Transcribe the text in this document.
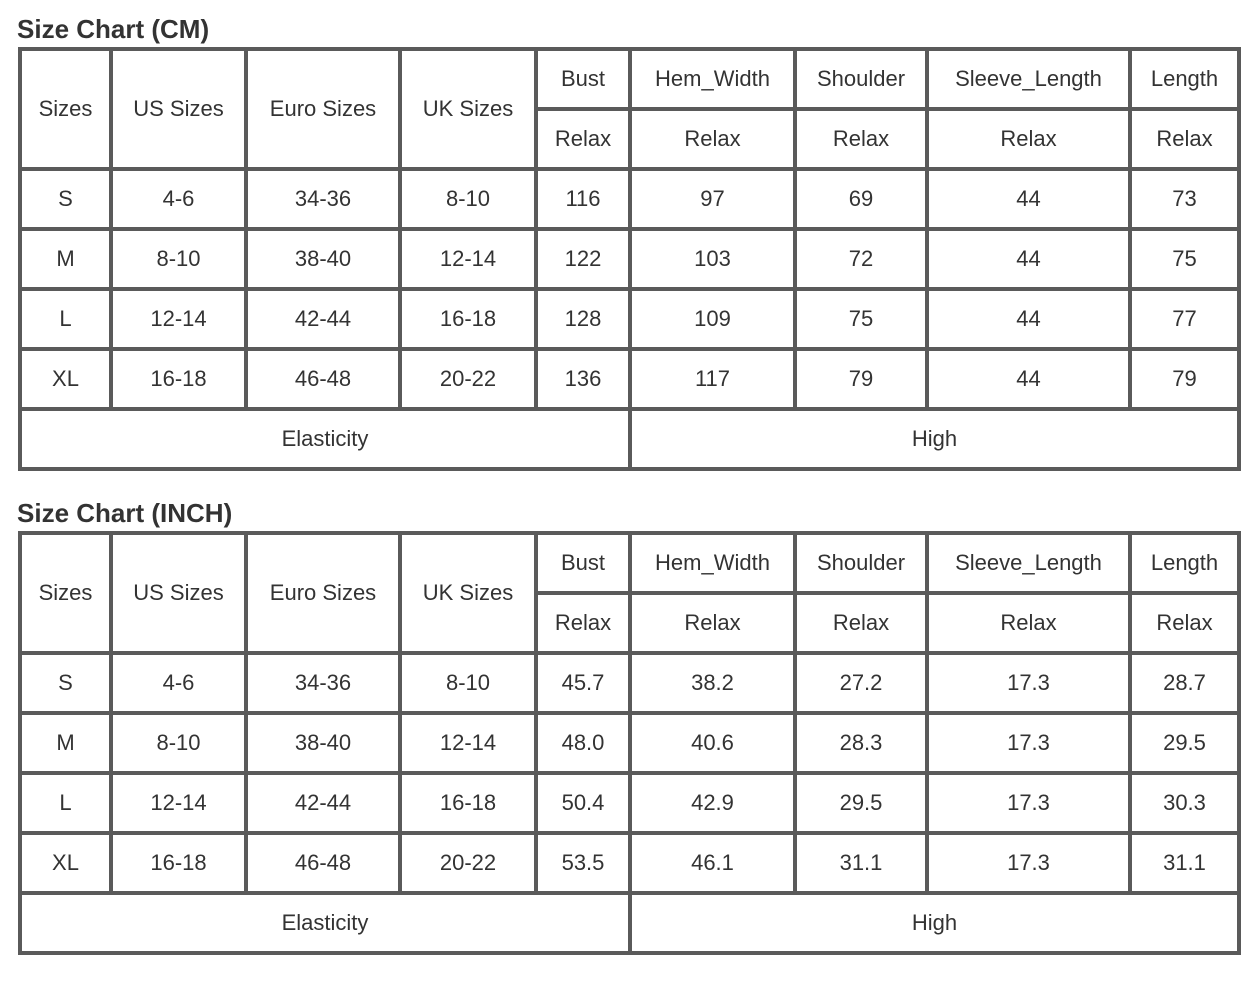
Size Chart (CM)
Sizes	US Sizes	Euro Sizes	UK Sizes	Bust	Hem_Width	Shoulder	Sleeve_Length	Length
				Relax	Relax	Relax	Relax	Relax
S	4-6	34-36	8-10	116	97	69	44	73
M	8-10	38-40	12-14	122	103	72	44	75
L	12-14	42-44	16-18	128	109	75	44	77
XL	16-18	46-48	20-22	136	117	79	44	79
Elasticity					High			
Size Chart (INCH)
Sizes	US Sizes	Euro Sizes	UK Sizes	Bust	Hem_Width	Shoulder	Sleeve_Length	Length
				Relax	Relax	Relax	Relax	Relax
S	4-6	34-36	8-10	45.7	38.2	27.2	17.3	28.7
M	8-10	38-40	12-14	48.0	40.6	28.3	17.3	29.5
L	12-14	42-44	16-18	50.4	42.9	29.5	17.3	30.3
XL	16-18	46-48	20-22	53.5	46.1	31.1	17.3	31.1
Elasticity					High			
